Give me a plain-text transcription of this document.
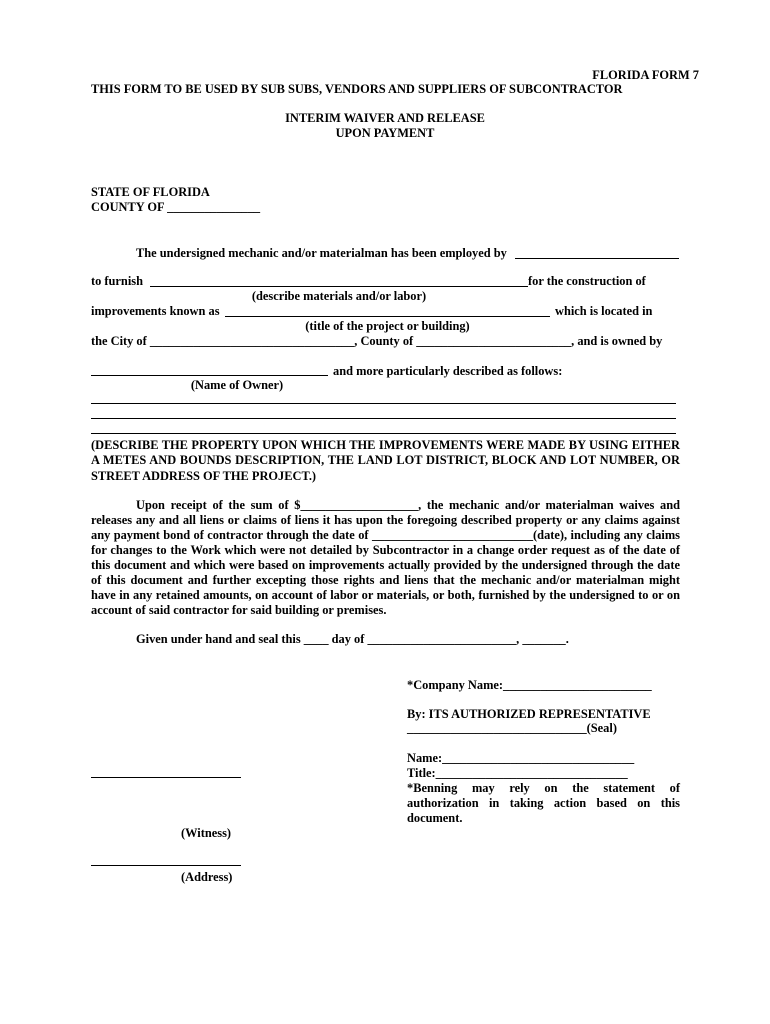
FLORIDA FORM 7
THIS FORM TO BE USED BY SUB SUBS, VENDORS AND SUPPLIERS OF SUBCONTRACTOR
INTERIM WAIVER AND RELEASE
UPON PAYMENT
STATE OF FLORIDA
COUNTY OF _______________
The undersigned mechanic and/or materialman has been employed by
to furnish	for the construction of
(describe materials and/or labor)
improvements known as	which is located in
(title of the project or building)
the City of _________________________________, County of _________________________, and is owned by
and more particularly described as follows:
(Name of Owner)
(DESCRIBE THE PROPERTY UPON WHICH THE IMPROVEMENTS WERE MADE BY USING EITHER A METES AND BOUNDS DESCRIPTION, THE LAND LOT DISTRICT, BLOCK AND LOT NUMBER, OR STREET ADDRESS OF THE PROJECT.)
Upon receipt of the sum of $___________________, the mechanic and/or materialman waives and releases any and all liens or claims of liens it has upon the foregoing described property or any claims against any payment bond of contractor through the date of __________________________(date), including any claims for changes to the Work which were not detailed by Subcontractor in a change order request as of the date of this document and which were based on improvements actually provided by the undersigned through the date of this document and further excepting those rights and liens that the mechanic and/or materialman might have in any retained amounts, on account of labor or materials, or both, furnished by the undersigned to or on account of said contractor for said building or premises.
Given under hand and seal this ____ day of ________________________, _______.
*Company Name:________________________
By: ITS AUTHORIZED REPRESENTATIVE
_____________________________(Seal)
Name:_______________________________
Title:_______________________________
*Benning may rely on the statement of authorization in taking action based on this document.
(Witness)
(Address)
